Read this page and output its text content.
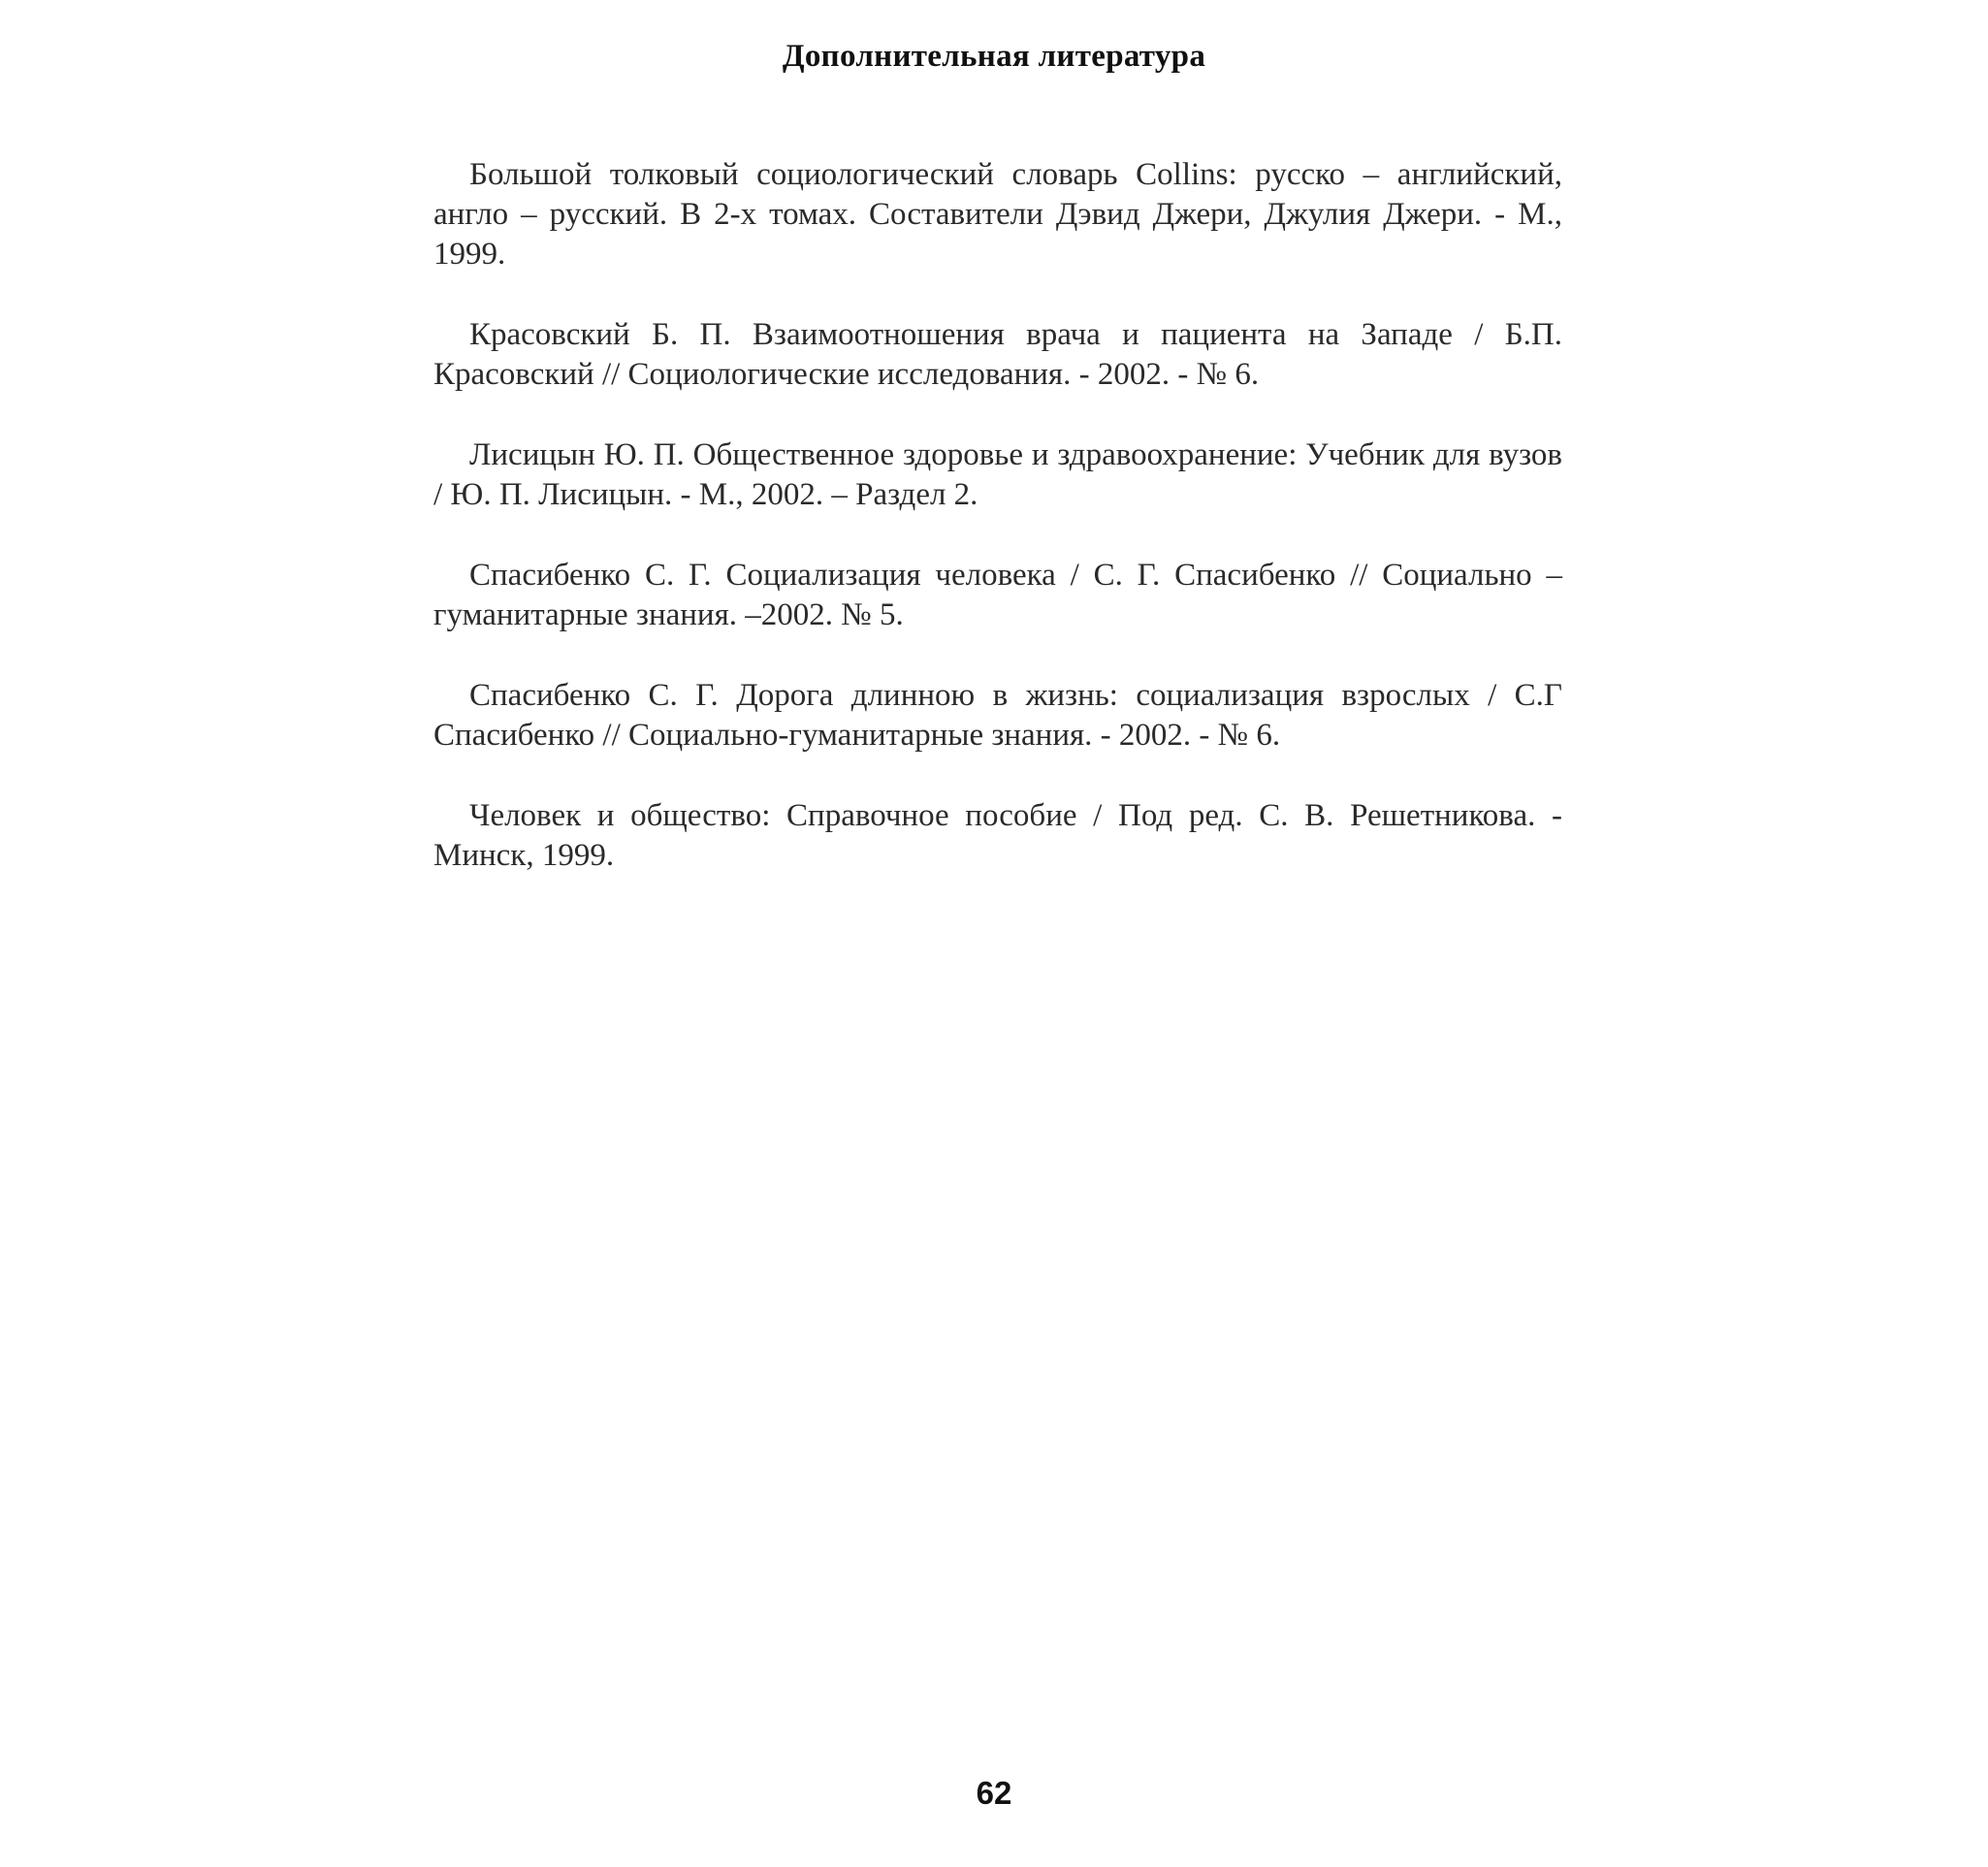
Дополнительная литература

Большой толковый социологический словарь Collins: русско – английский, англо – русский. В 2-х томах. Составители Дэвид Джери, Джулия Джери. - М., 1999.

Красовский Б. П. Взаимоотношения врача и пациента на Западе / Б.П. Красовский // Социологические исследования. - 2002. - № 6.

Лисицын Ю. П. Общественное здоровье и здравоохранение: Учебник для вузов / Ю. П. Лисицын. - М., 2002. – Раздел 2.

Спасибенко С. Г. Социализация человека / С. Г. Спасибенко // Социально – гуманитарные знания. –2002. № 5.

Спасибенко С. Г. Дорога длинною в жизнь: социализация взрослых / С.Г Спасибенко // Социально-гуманитарные знания. - 2002. - № 6.

Человек и общество: Справочное пособие / Под ред. С. В. Решетникова. - Минск, 1999.

62
